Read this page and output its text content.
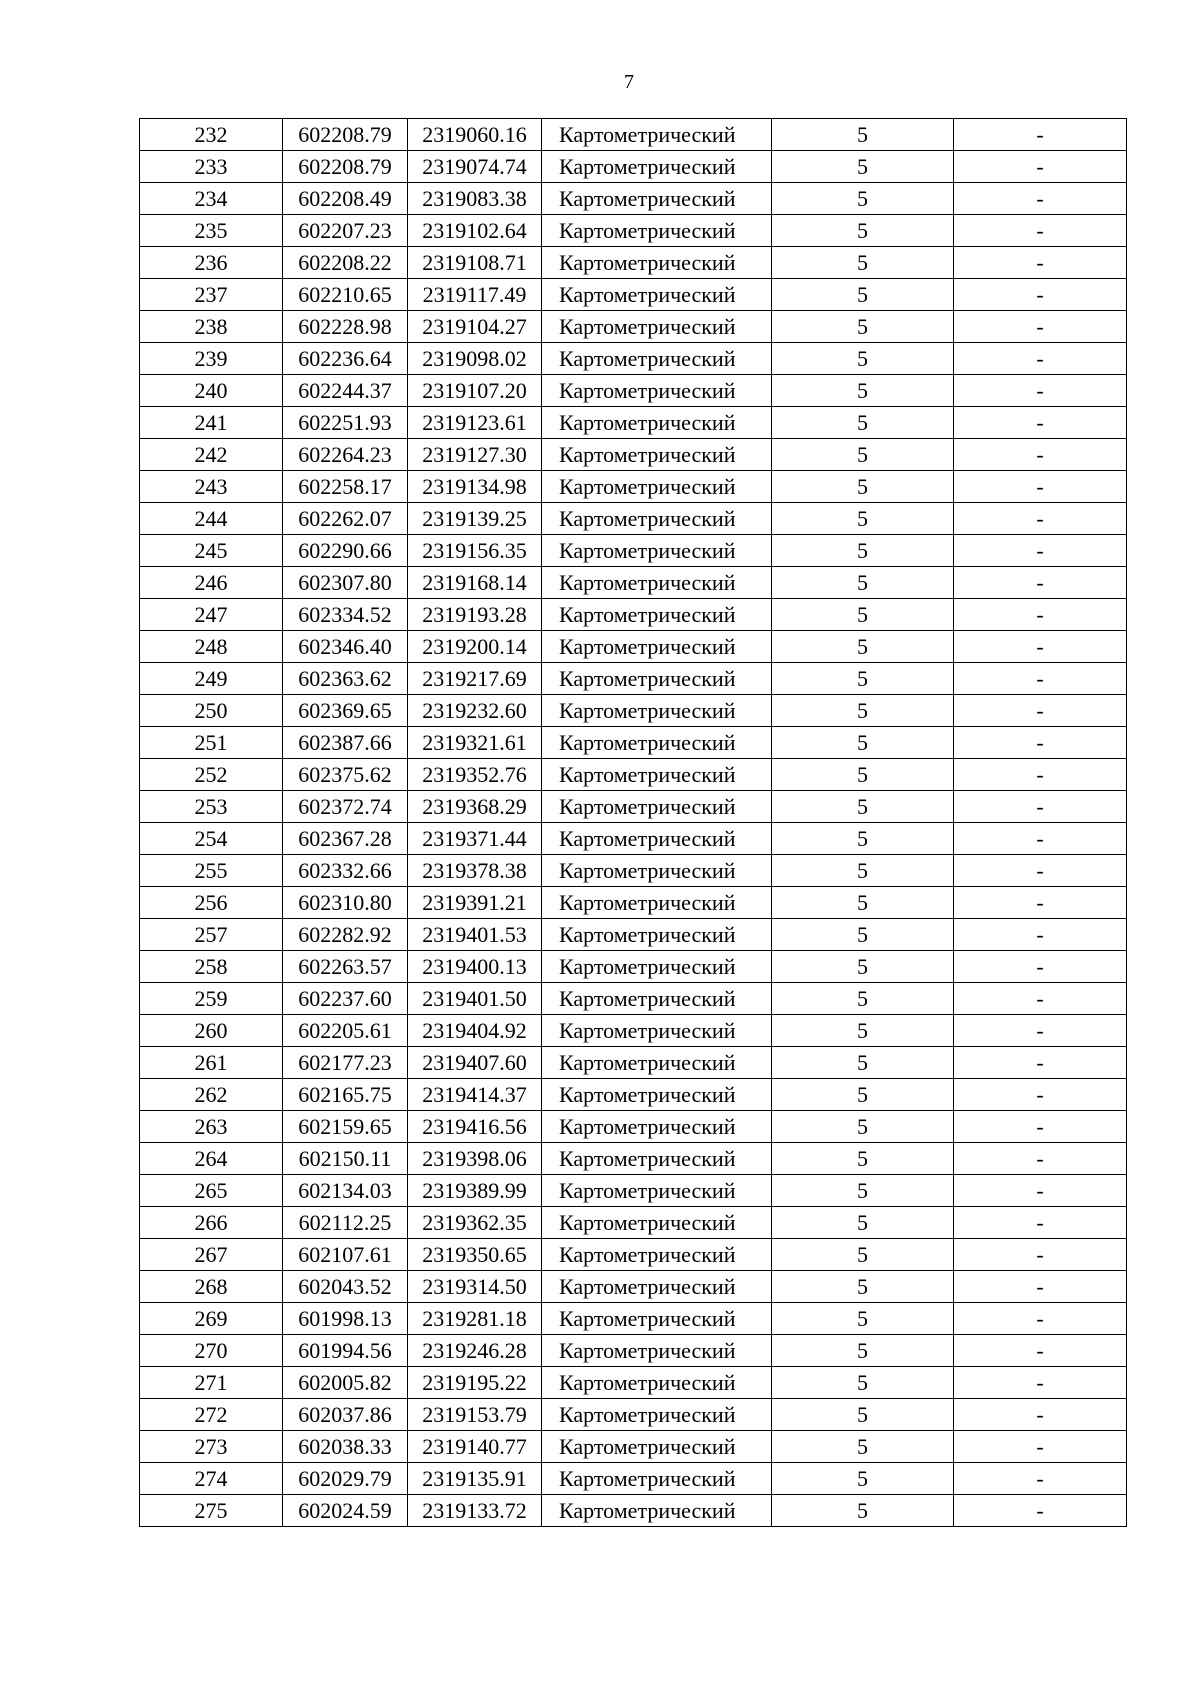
7
232	602208.79	2319060.16	Картометрический	5	-
233	602208.79	2319074.74	Картометрический	5	-
234	602208.49	2319083.38	Картометрический	5	-
235	602207.23	2319102.64	Картометрический	5	-
236	602208.22	2319108.71	Картометрический	5	-
237	602210.65	2319117.49	Картометрический	5	-
238	602228.98	2319104.27	Картометрический	5	-
239	602236.64	2319098.02	Картометрический	5	-
240	602244.37	2319107.20	Картометрический	5	-
241	602251.93	2319123.61	Картометрический	5	-
242	602264.23	2319127.30	Картометрический	5	-
243	602258.17	2319134.98	Картометрический	5	-
244	602262.07	2319139.25	Картометрический	5	-
245	602290.66	2319156.35	Картометрический	5	-
246	602307.80	2319168.14	Картометрический	5	-
247	602334.52	2319193.28	Картометрический	5	-
248	602346.40	2319200.14	Картометрический	5	-
249	602363.62	2319217.69	Картометрический	5	-
250	602369.65	2319232.60	Картометрический	5	-
251	602387.66	2319321.61	Картометрический	5	-
252	602375.62	2319352.76	Картометрический	5	-
253	602372.74	2319368.29	Картометрический	5	-
254	602367.28	2319371.44	Картометрический	5	-
255	602332.66	2319378.38	Картометрический	5	-
256	602310.80	2319391.21	Картометрический	5	-
257	602282.92	2319401.53	Картометрический	5	-
258	602263.57	2319400.13	Картометрический	5	-
259	602237.60	2319401.50	Картометрический	5	-
260	602205.61	2319404.92	Картометрический	5	-
261	602177.23	2319407.60	Картометрический	5	-
262	602165.75	2319414.37	Картометрический	5	-
263	602159.65	2319416.56	Картометрический	5	-
264	602150.11	2319398.06	Картометрический	5	-
265	602134.03	2319389.99	Картометрический	5	-
266	602112.25	2319362.35	Картометрический	5	-
267	602107.61	2319350.65	Картометрический	5	-
268	602043.52	2319314.50	Картометрический	5	-
269	601998.13	2319281.18	Картометрический	5	-
270	601994.56	2319246.28	Картометрический	5	-
271	602005.82	2319195.22	Картометрический	5	-
272	602037.86	2319153.79	Картометрический	5	-
273	602038.33	2319140.77	Картометрический	5	-
274	602029.79	2319135.91	Картометрический	5	-
275	602024.59	2319133.72	Картометрический	5	-
